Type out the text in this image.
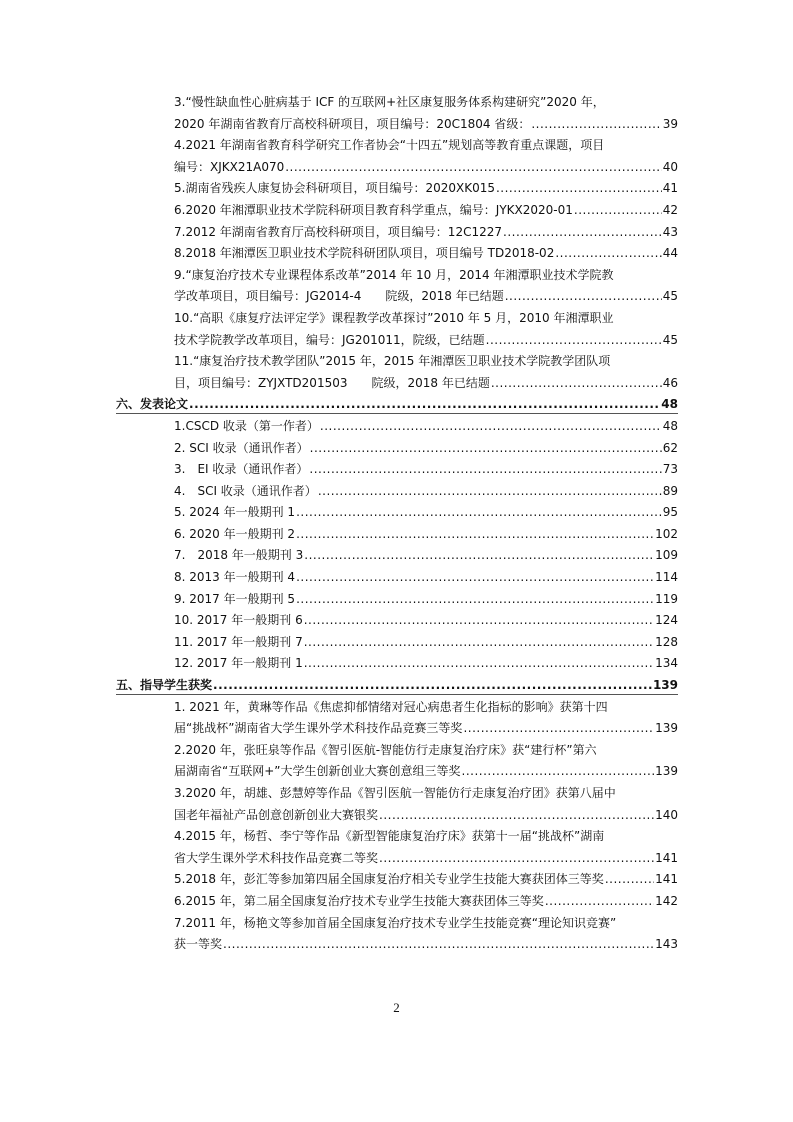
3.“慢性缺血性心脏病基于 ICF 的互联网+社区康复服务体系构建研究”2020 年，
2020 年湖南省教育厅高校科研项目，项目编号：20C1804 省级： .....	39
4.2021 年湖南省教育科学研究工作者协会“十四五”规划高等教育重点课题，项目
编号：XJKX21A070 .....	40
5.湖南省残疾人康复协会科研项目，项目编号：2020XK015 .....	41
6.2020 年湘潭职业技术学院科研项目教育科学重点，编号：JYKX2020-01 .....	42
7.2012 年湖南省教育厅高校科研项目，项目编号：12C1227 .....	43
8.2018 年湘潭医卫职业技术学院科研团队项目，项目编号 TD2018-02 .....	44
9.“康复治疗技术专业课程体系改革”2014 年 10 月，2014 年湘潭职业技术学院教
学改革项目，项目编号：JG2014-4　　院级，2018 年已结题 .....	45
10.“高职《康复疗法评定学》课程教学改革探讨”2010 年 5 月，2010 年湘潭职业
技术学院教学改革项目，编号：JG201011，院级，已结题 .....	45
11.“康复治疗技术教学团队”2015 年，2015 年湘潭医卫职业技术学院教学团队项
目，项目编号：ZYJXTD201503　　院级，2018 年已结题 .....	46
六、发表论文 .....	48
1.CSCD 收录（第一作者） .....	48
2. SCI 收录（通讯作者） .....	62
3.　EI 收录（通讯作者） .....	73
4.　SCI 收录（通讯作者） .....	89
5. 2024 年一般期刊 1 .....	95
6. 2020 年一般期刊 2 .....	102
7.　2018 年一般期刊 3 .....	109
8. 2013 年一般期刊 4 .....	114
9. 2017 年一般期刊 5 .....	119
10. 2017 年一般期刊 6 .....	124
11. 2017 年一般期刊 7 .....	128
12. 2017 年一般期刊 1 .....	134
五、指导学生获奖 .....	139
1. 2021 年，黄琳等作品《焦虑抑郁情绪对冠心病患者生化指标的影响》获第十四
届“挑战杯”湖南省大学生课外学术科技作品竞赛三等奖 .....	139
2.2020 年，张旺泉等作品《智引医航-智能仿行走康复治疗床》获“建行杯”第六
届湖南省“互联网+”大学生创新创业大赛创意组三等奖 .....	139
3.2020 年，胡雄、彭慧婷等作品《智引医航一智能仿行走康复治疗团》获第八届中
国老年福祉产品创意创新创业大赛银奖 .....	140
4.2015 年，杨哲、李宁等作品《新型智能康复治疗床》获第十一届“挑战杯”湖南
省大学生课外学术科技作品竞赛二等奖 .....	141
5.2018 年，彭汇等参加第四届全国康复治疗相关专业学生技能大赛获团体三等奖 .....	141
6.2015 年，第二届全国康复治疗技术专业学生技能大赛获团体三等奖 .....	142
7.2011 年，杨艳文等参加首届全国康复治疗技术专业学生技能竞赛“理论知识竞赛”
获一等奖 .....	143
2
